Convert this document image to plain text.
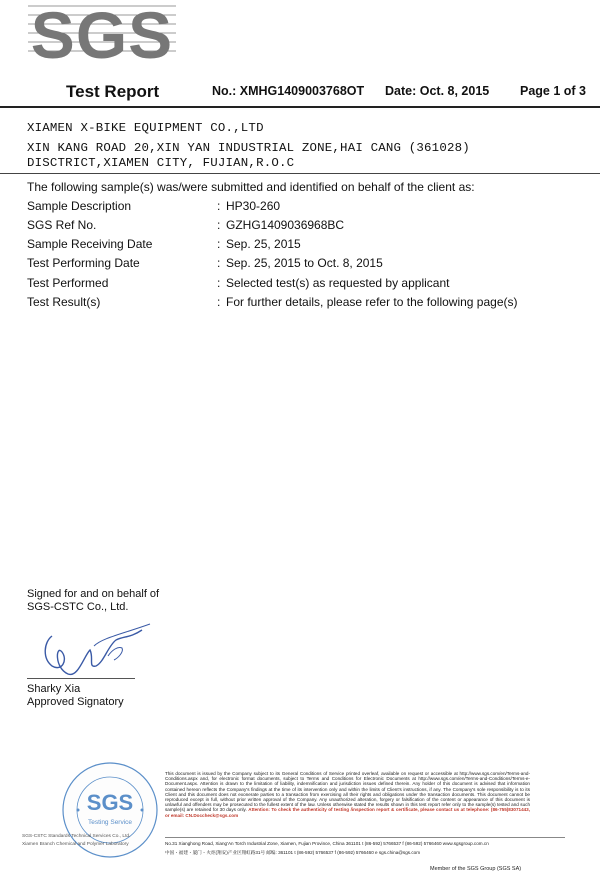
SGS
Test Report	No.: XMHG1409003768OT Date: Oct. 8, 2015 Page 1 of 3
XIAMEN X-BIKE EQUIPMENT CO.,LTD
XIN KANG ROAD 20,XIN YAN INDUSTRIAL ZONE,HAI CANG (361028)
DISCTRICT,XIAMEN CITY, FUJIAN,R.O.C
The following sample(s) was/were submitted and identified on behalf of the client as:
Sample Description	: HP30-260
SGS Ref No.	: GZHG1409036968BC
Sample Receiving Date	: Sep. 25, 2015
Test Performing Date	: Sep. 25, 2015 to Oct. 8, 2015
Test Performed	: Selected test(s) as requested by applicant
Test Result(s)	: For further details, please refer to the following page(s)
Signed for and on behalf of
SGS-CSTC Co., Ltd.
Sharky Xia
Approved Signatory
SGS
Testing Service
SGS-CSTC Standards Technical Services Co., Ltd.
Xiamen Branch Chemical and Polymer Laboratory
This document is issued by the Company subject to its General Conditions of Service printed overleaf, available on request or accessible at http://www.sgs.com/en/Terms-and-Conditions.aspx and, for electronic format documents, subject to Terms and Conditions for Electronic Documents at http://www.sgs.com/en/Terms-and-Conditions/Terms-e-Document.aspx. Attention is drawn to the limitation of liability, indemnification and jurisdiction issues defined therein. Any holder of this document is advised that information contained hereon reflects the Company's findings at the time of its intervention only and within the limits of Client's instructions, if any. The Company's sole responsibility is to its Client and this document does not exonerate parties to a transaction from exercising all their rights and obligations under the transaction documents. This document cannot be reproduced except in full, without prior written approval of the Company. Any unauthorized alteration, forgery or falsification of the content or appearance of this document is unlawful and offenders may be prosecuted to the fullest extent of the law. Unless otherwise stated the results shown in this test report refer only to the sample(s) tested and such sample(s) are retained for 30 days only. Attention: To check the authenticity of testing /inspection report & certificate, please contact us at telephone: (86-755)83071443, or email: CN.Doccheck@sgs.com
No.31 Xianghong Road, Xiang'An Torch Industrial Zone, Xiamen, Fujian Province, China 361101 t (86-592) 5766537 f (86-592) 5766460 www.sgsgroup.com.cn
中国・福建・厦门・火炬(翔安)产业区翔虹路31号 邮编: 361101 t (86-592) 5766537 f (86-592) 5766460 e sgs.china@sgs.com
Member of the SGS Group (SGS SA)
